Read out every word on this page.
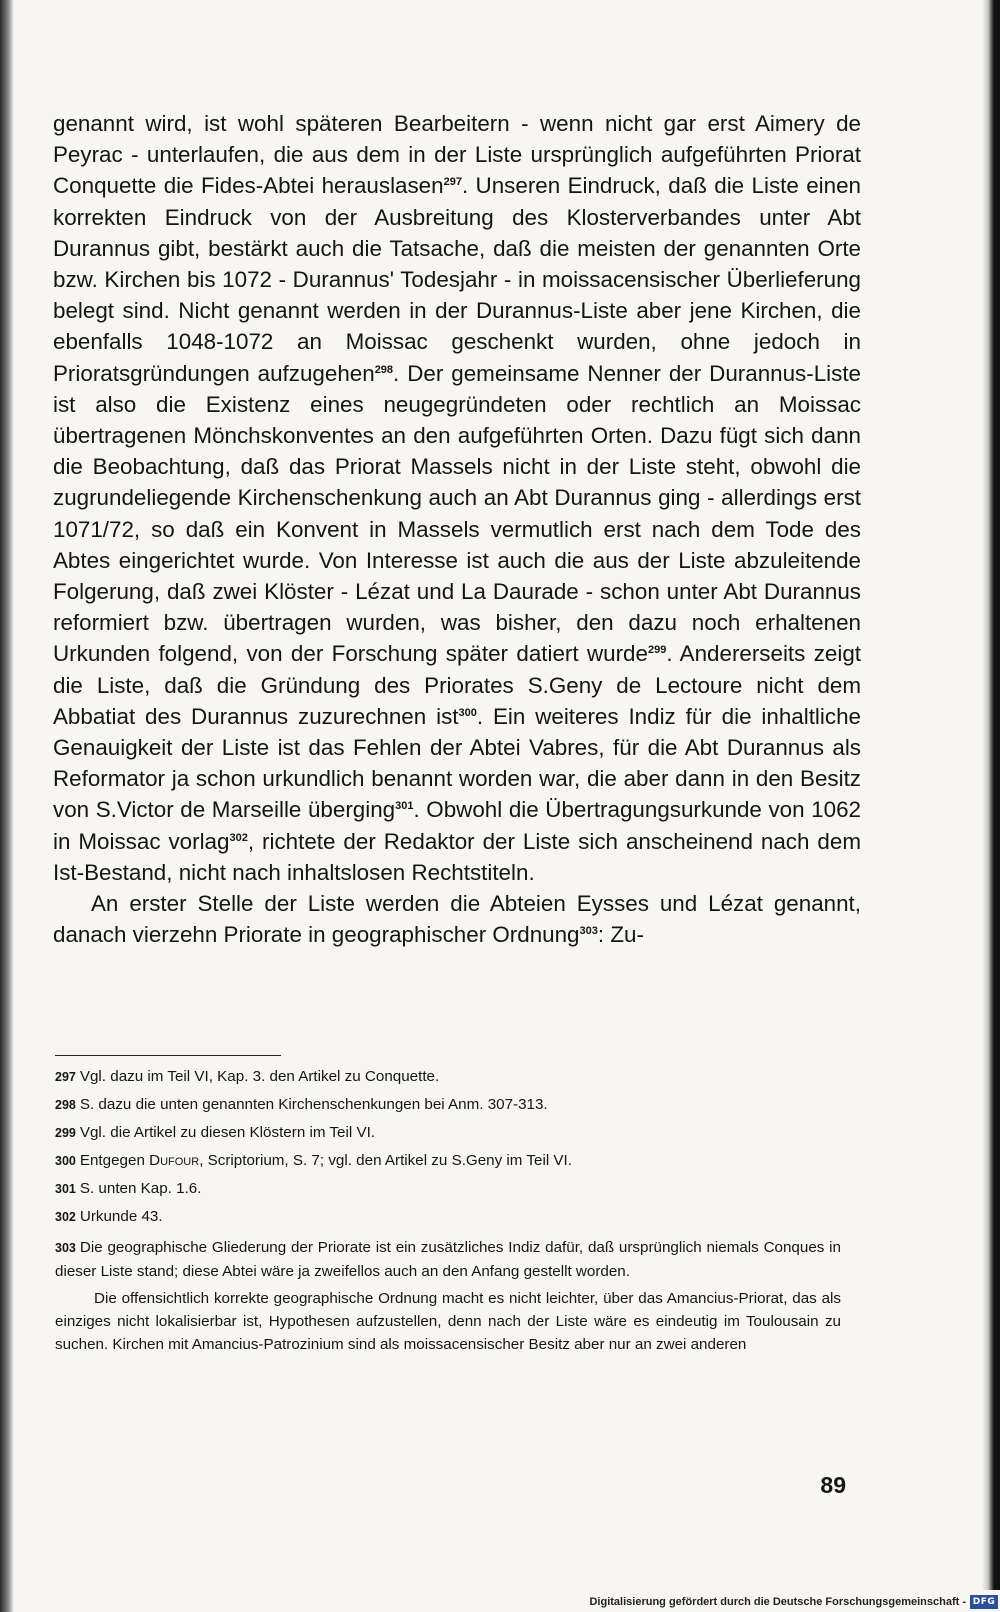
genannt wird, ist wohl späteren Bearbeitern - wenn nicht gar erst Aimery de Peyrac - unterlaufen, die aus dem in der Liste ursprünglich aufgeführten Priorat Conquette die Fides-Abtei herauslasen$^{297}$. Unseren Eindruck, daß die Liste einen korrekten Eindruck von der Ausbreitung des Klosterverbandes unter Abt Durannus gibt, bestärkt auch die Tatsache, daß die meisten der genannten Orte bzw. Kirchen bis 1072 - Durannus' Todesjahr - in moissacensischer Überlieferung belegt sind. Nicht genannt werden in der Durannus-Liste aber jene Kirchen, die ebenfalls 1048-1072 an Moissac geschenkt wurden, ohne jedoch in Prioratsgründungen aufzugehen$^{298}$. Der gemeinsame Nenner der Durannus-Liste ist also die Existenz eines neugegründeten oder rechtlich an Moissac übertragenen Mönchskonventes an den aufgeführten Orten. Dazu fügt sich dann die Beobachtung, daß das Priorat Massels nicht in der Liste steht, obwohl die zugrundeliegende Kirchenschenkung auch an Abt Durannus ging - allerdings erst 1071/72, so daß ein Konvent in Massels vermutlich erst nach dem Tode des Abtes eingerichtet wurde. Von Interesse ist auch die aus der Liste abzuleitende Folgerung, daß zwei Klöster - Lézat und La Daurade - schon unter Abt Durannus reformiert bzw. übertragen wurden, was bisher, den dazu noch erhaltenen Urkunden folgend, von der Forschung später datiert wurde$^{299}$. Andererseits zeigt die Liste, daß die Gründung des Priorates S.Geny de Lectoure nicht dem Abbatiat des Durannus zuzurechnen ist$^{300}$. Ein weiteres Indiz für die inhaltliche Genauigkeit der Liste ist das Fehlen der Abtei Vabres, für die Abt Durannus als Reformator ja schon urkundlich benannt worden war, die aber dann in den Besitz von S.Victor de Marseille überging$^{301}$. Obwohl die Übertragungsurkunde von 1062 in Moissac vorlag$^{302}$, richtete der Redaktor der Liste sich anscheinend nach dem Ist-Bestand, nicht nach inhaltslosen Rechtstiteln.

An erster Stelle der Liste werden die Abteien Eysses und Lézat genannt, danach vierzehn Priorate in geographischer Ordnung$^{303}$: Zu-

297 Vgl. dazu im Teil VI, Kap. 3. den Artikel zu Conquette.

298 S. dazu die unten genannten Kirchenschenkungen bei Anm. 307-313.

299 Vgl. die Artikel zu diesen Klöstern im Teil VI.

300 Entgegen Dufour, Scriptorium, S. 7; vgl. den Artikel zu S.Geny im Teil VI.

301 S. unten Kap. 1.6.

302 Urkunde 43.

303 Die geographische Gliederung der Priorate ist ein zusätzliches Indiz dafür, daß ursprünglich niemals Conques in dieser Liste stand; diese Abtei wäre ja zweifellos auch an den Anfang gestellt worden.

Die offensichtlich korrekte geographische Ordnung macht es nicht leichter, über das Amancius-Priorat, das als einziges nicht lokalisierbar ist, Hypothesen aufzustellen, denn nach der Liste wäre es eindeutig im Toulousain zu suchen. Kirchen mit Amancius-Patrozinium sind als moissacensischer Besitz aber nur an zwei anderen

89
Digitalisierung gefördert durch die Deutsche Forschungsgemeinschaft - DFG
